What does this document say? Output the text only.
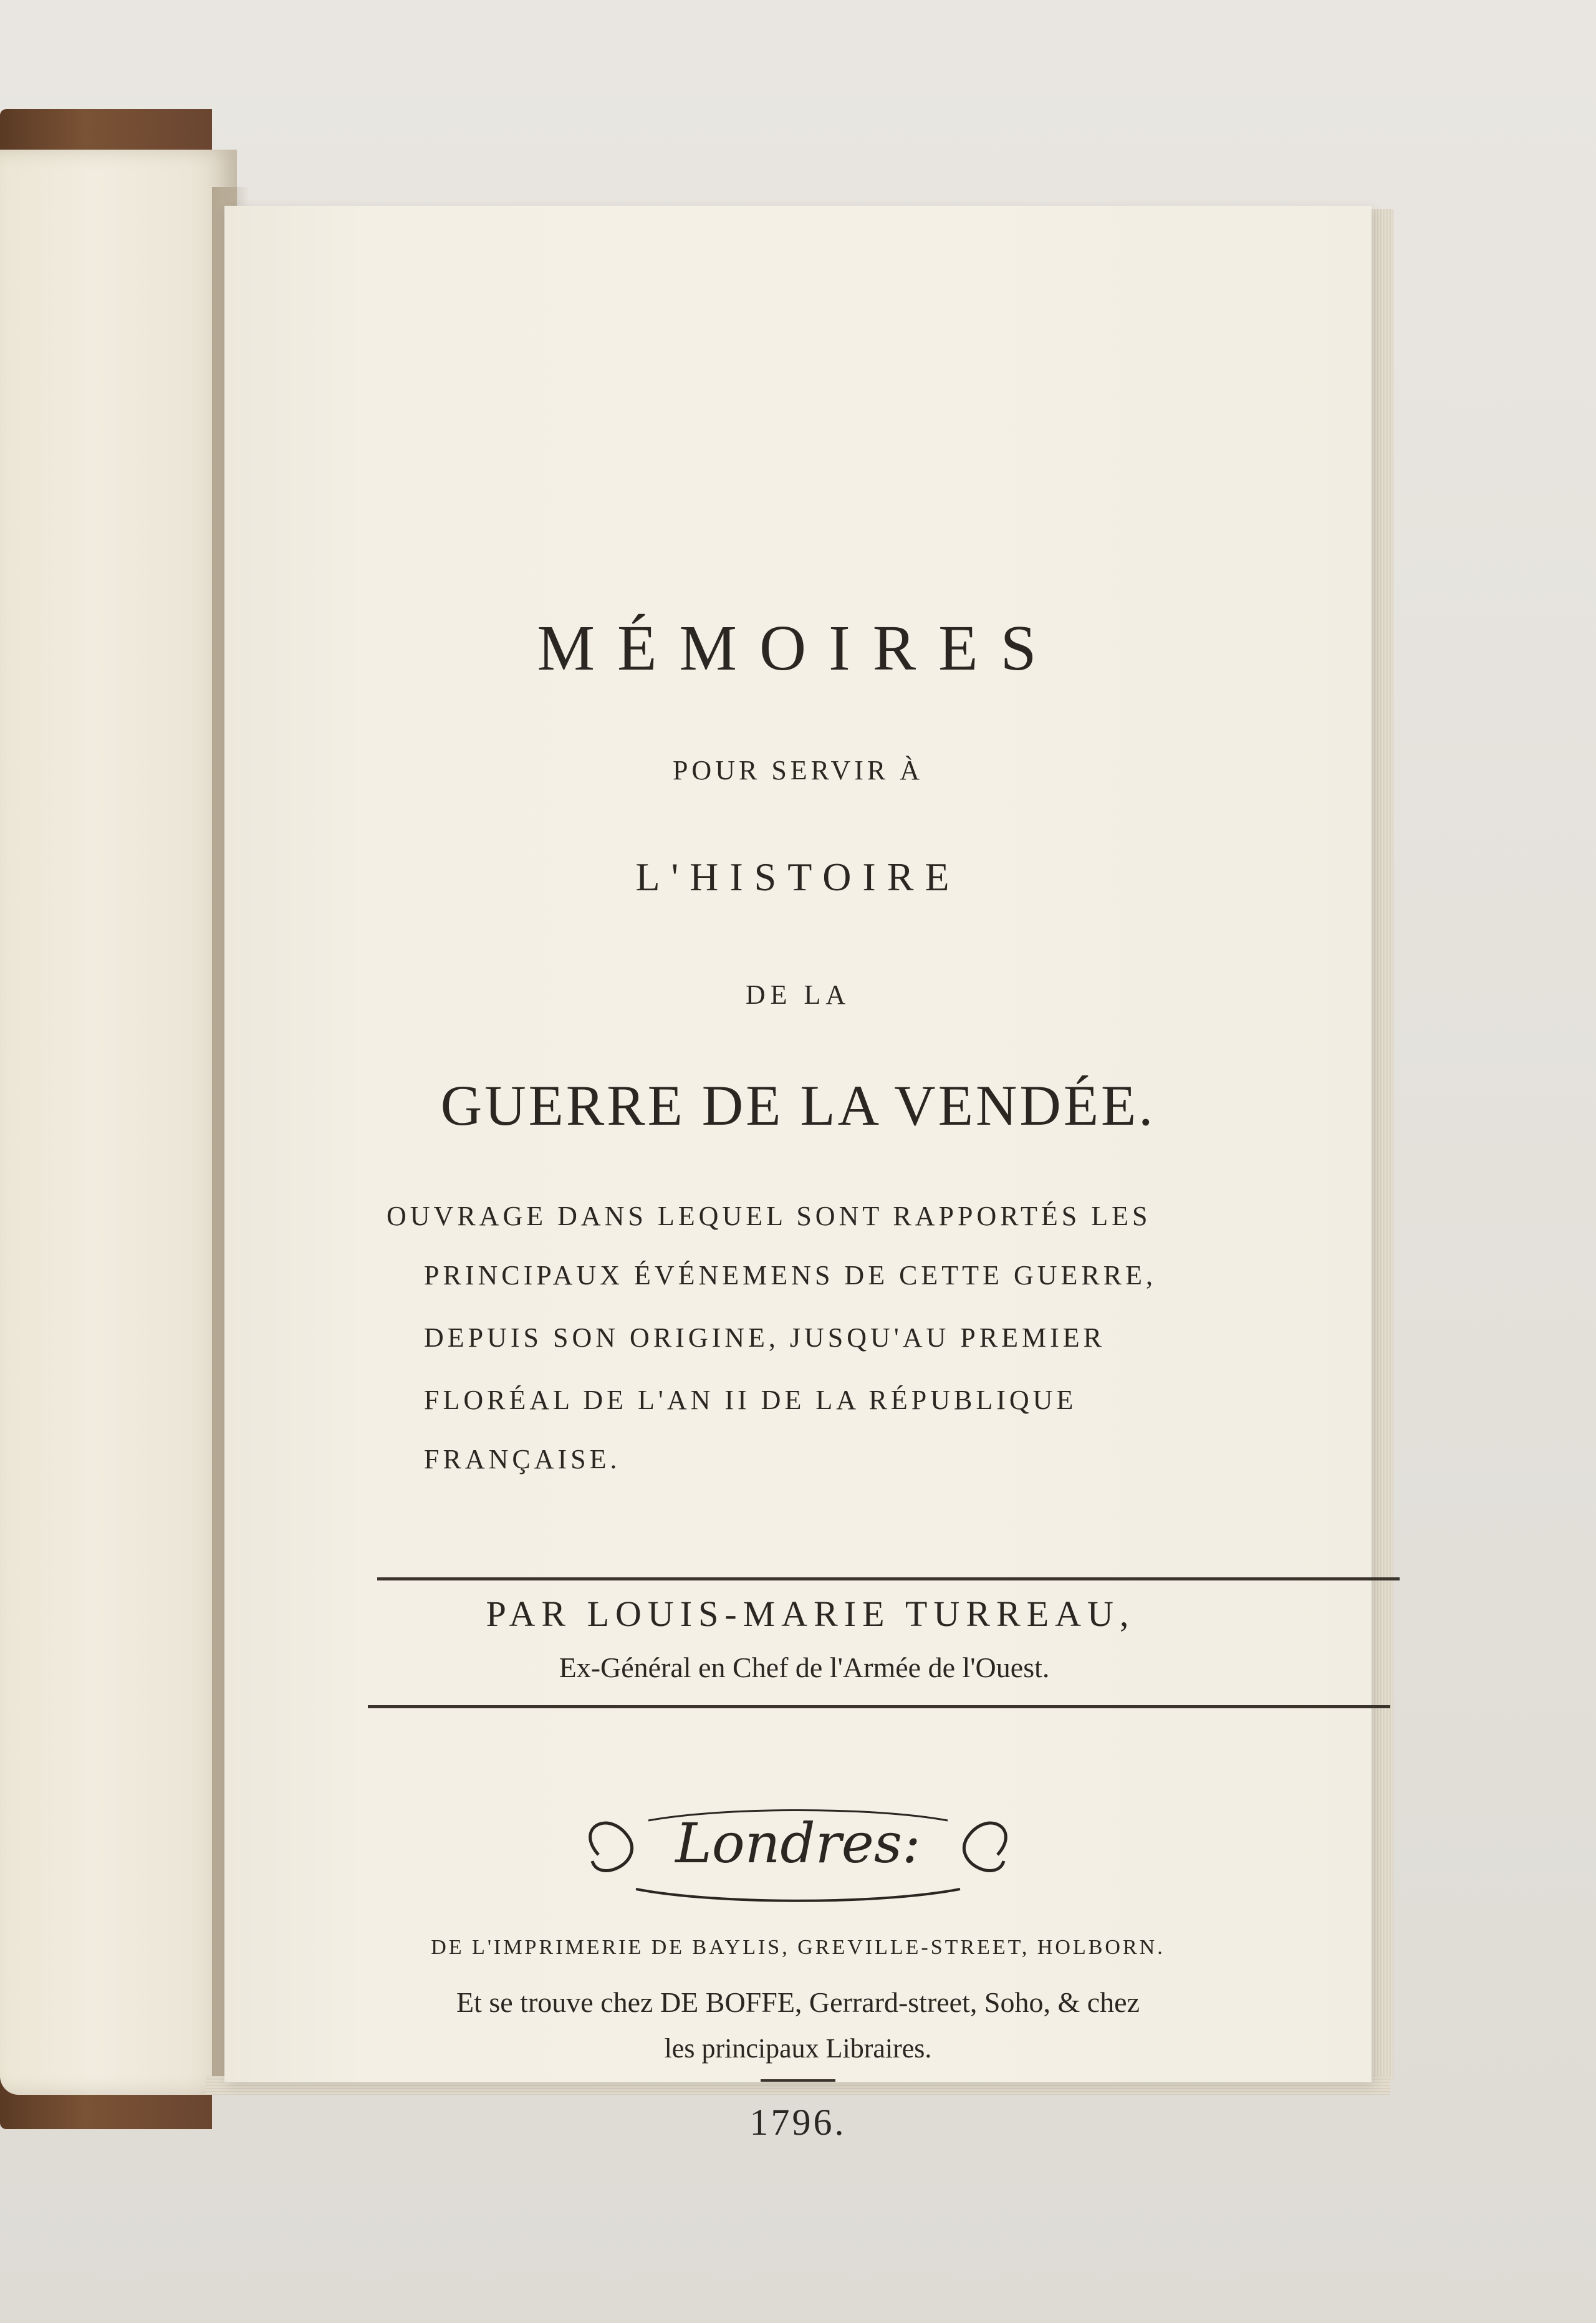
MÉMOIRES
POUR SERVIR À
L'HISTOIRE
DE LA
GUERRE DE LA VENDÉE.
OUVRAGE DANS LEQUEL SONT RAPPORTÉS LES
PRINCIPAUX ÉVÉNEMENS DE CETTE GUERRE,
DEPUIS SON ORIGINE, JUSQU'AU PREMIER
FLORÉAL DE L'AN II DE LA RÉPUBLIQUE
FRANÇAISE.
PAR LOUIS-MARIE TURREAU,
Ex-Général en Chef de l'Armée de l'Ouest.
Londres:
DE L'IMPRIMERIE DE BAYLIS, GREVILLE-STREET, HOLBORN.
Et se trouve chez DE BOFFE, Gerrard-street, Soho, & chez
les principaux Libraires.
1796.
